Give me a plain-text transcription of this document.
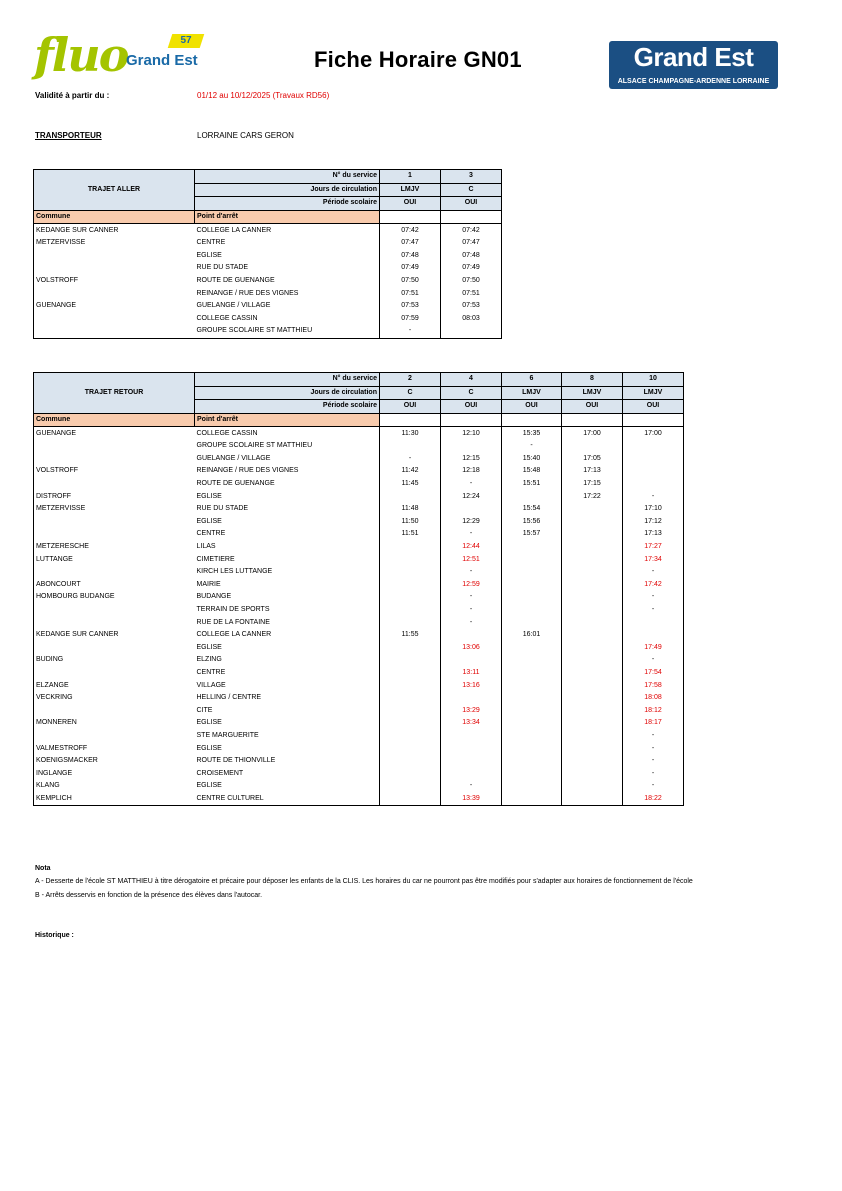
fluo
Grand Est
57
Fiche Horaire GN01	Grand Est
ALSACE CHAMPAGNE-ARDENNE LORRAINE
Validité à partir du :	01/12 au 10/12/2025 (Travaux RD56)
TRANSPORTEUR	LORRAINE CARS GERON
TRAJET ALLER	N° du service	1	3
	Jours de circulation	LMJV	C
	Période scolaire	OUI	OUI
Commune	Point d'arrêt		
KEDANGE SUR CANNER	COLLEGE LA CANNER	07:42	07:42
METZERVISSE	CENTRE	07:47	07:47
	EGLISE	07:48	07:48
	RUE DU STADE	07:49	07:49
VOLSTROFF	ROUTE DE GUENANGE	07:50	07:50
	REINANGE / RUE DES VIGNES	07:51	07:51
GUENANGE	GUELANGE / VILLAGE	07:53	07:53
	COLLEGE CASSIN	07:59	08:03
	GROUPE SCOLAIRE ST MATTHIEU	-	
TRAJET RETOUR	N° du service	2	4	6	8	10
	Jours de circulation	C	C	LMJV	LMJV	LMJV
	Période scolaire	OUI	OUI	OUI	OUI	OUI
Commune	Point d'arrêt					
GUENANGE	COLLEGE CASSIN	11:30	12:10	15:35	17:00	17:00
	GROUPE SCOLAIRE ST MATTHIEU			-		
	GUELANGE / VILLAGE	-	12:15	15:40	17:05	
VOLSTROFF	REINANGE / RUE DES VIGNES	11:42	12:18	15:48	17:13	
	ROUTE DE GUENANGE	11:45	-	15:51	17:15	
DISTROFF	EGLISE		12:24		17:22	-
METZERVISSE	RUE DU STADE	11:48		15:54		17:10
	EGLISE	11:50	12:29	15:56		17:12
	CENTRE	11:51	-	15:57		17:13
METZERESCHE	LILAS		12:44			17:27
LUTTANGE	CIMETIERE		12:51			17:34
	KIRCH LES LUTTANGE		-			-
ABONCOURT	MAIRIE		12:59			17:42
HOMBOURG BUDANGE	BUDANGE		-			-
	TERRAIN DE SPORTS		-			-
	RUE DE LA FONTAINE		-			
KEDANGE SUR CANNER	COLLEGE LA CANNER	11:55		16:01		
	EGLISE		13:06			17:49
BUDING	ELZING					-
	CENTRE		13:11			17:54
ELZANGE	VILLAGE		13:16			17:58
VECKRING	HELLING / CENTRE					18:08
	CITE		13:29			18:12
MONNEREN	EGLISE		13:34			18:17
	STE MARGUERITE					-
VALMESTROFF	EGLISE					-
KOENIGSMACKER	ROUTE DE THIONVILLE					-
INGLANGE	CROISEMENT					-
KLANG	EGLISE		-			-
KEMPLICH	CENTRE CULTUREL		13:39			18:22
Nota
A - Desserte de l'école ST MATTHIEU à titre dérogatoire et précaire pour déposer les enfants de la CLIS. Les horaires du car ne pourront pas être modifiés pour s'adapter aux horaires de fonctionnement de l'école
B - Arrêts desservis en fonction de la présence des élèves dans l'autocar.
Historique :
